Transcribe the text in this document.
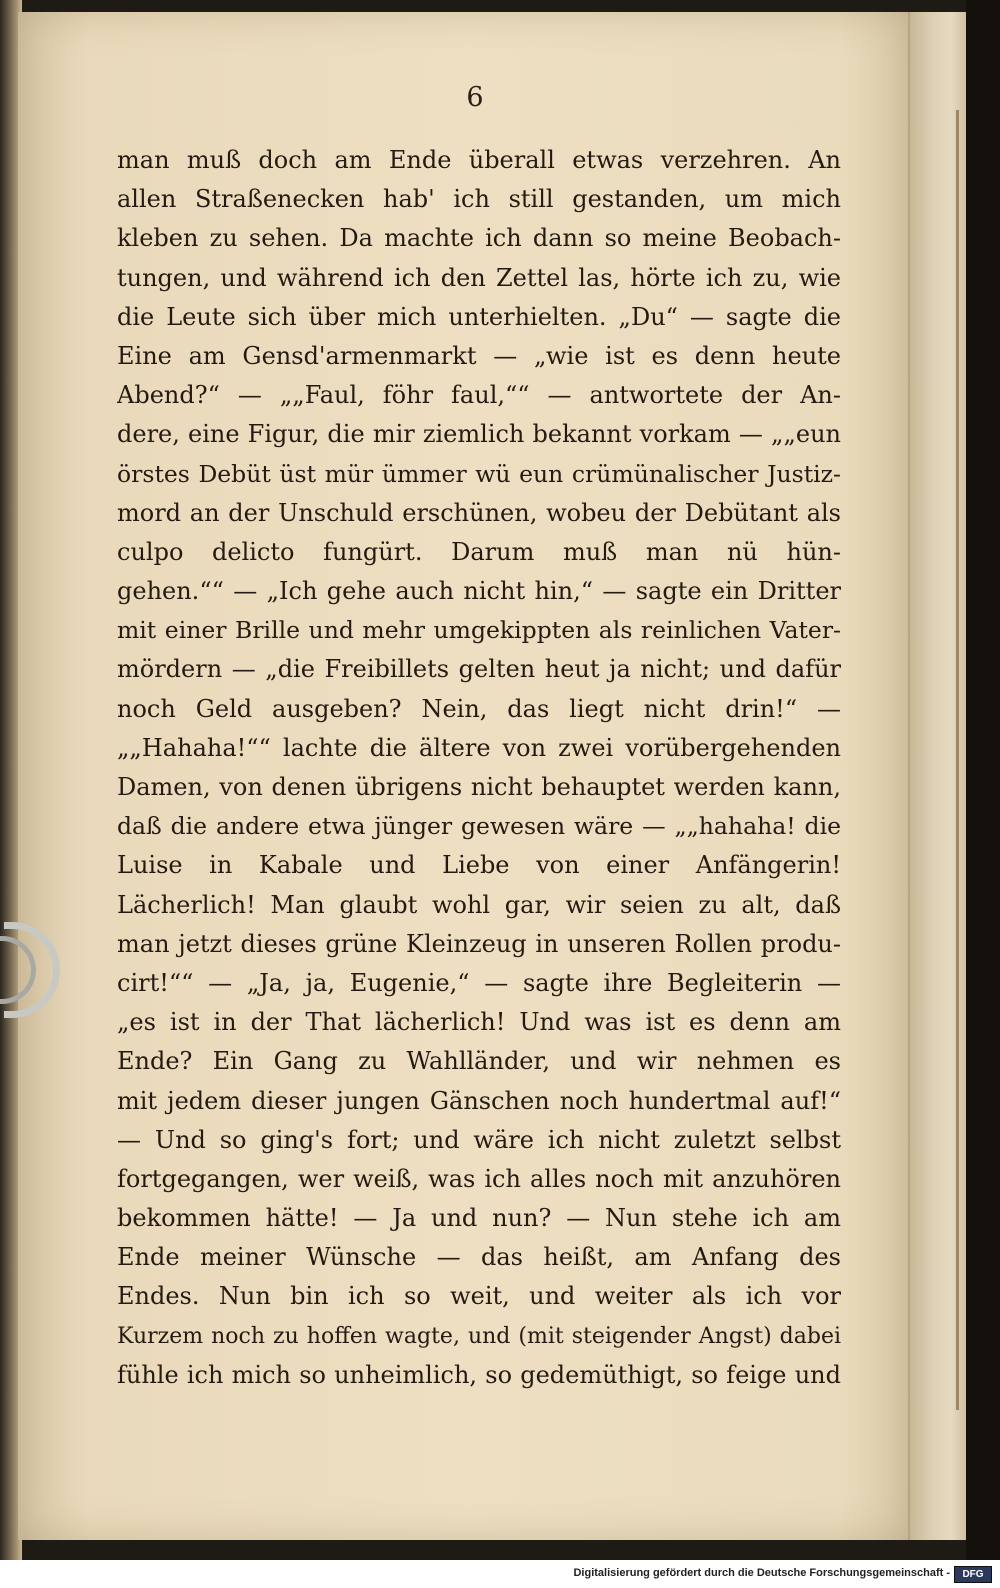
6
man muß doch am Ende überall etwas verzehren. An
allen Straßenecken hab' ich still gestanden, um mich
kleben zu sehen. Da machte ich dann so meine Beobach-
tungen, und während ich den Zettel las, hörte ich zu, wie
die Leute sich über mich unterhielten. „Du“ — sagte die
Eine am Gensd'armenmarkt — „wie ist es denn heute
Abend?“ — „„Faul, föhr faul,““ — antwortete der An-
dere, eine Figur, die mir ziemlich bekannt vorkam — „„eun
örstes Debüt üst mür ümmer wü eun crümünalischer Justiz-
mord an der Unschuld erschünen, wobeu der Debütant als
culpo delicto fungürt. Darum muß man nü hün-
gehen.““ — „Ich gehe auch nicht hin,“ — sagte ein Dritter
mit einer Brille und mehr umgekippten als reinlichen Vater-
mördern — „die Freibillets gelten heut ja nicht; und dafür
noch Geld ausgeben? Nein, das liegt nicht drin!“ —
„„Hahaha!““ lachte die ältere von zwei vorübergehenden
Damen, von denen übrigens nicht behauptet werden kann,
daß die andere etwa jünger gewesen wäre — „„hahaha! die
Luise in Kabale und Liebe von einer Anfängerin!
Lächerlich! Man glaubt wohl gar, wir seien zu alt, daß
man jetzt dieses grüne Kleinzeug in unseren Rollen produ-
cirt!““ — „Ja, ja, Eugenie,“ — sagte ihre Begleiterin —
„es ist in der That lächerlich! Und was ist es denn am
Ende? Ein Gang zu Wahlländer, und wir nehmen es
mit jedem dieser jungen Gänschen noch hundertmal auf!“
— Und so ging's fort; und wäre ich nicht zuletzt selbst
fortgegangen, wer weiß, was ich alles noch mit anzuhören
bekommen hätte! — Ja und nun? — Nun stehe ich am
Ende meiner Wünsche — das heißt, am Anfang des
Endes. Nun bin ich so weit, und weiter als ich vor
Kurzem noch zu hoffen wagte, und (mit steigender Angst) dabei
fühle ich mich so unheimlich, so gedemüthigt, so feige und
Digitalisierung gefördert durch die Deutsche Forschungsgemeinschaft -	DFG
